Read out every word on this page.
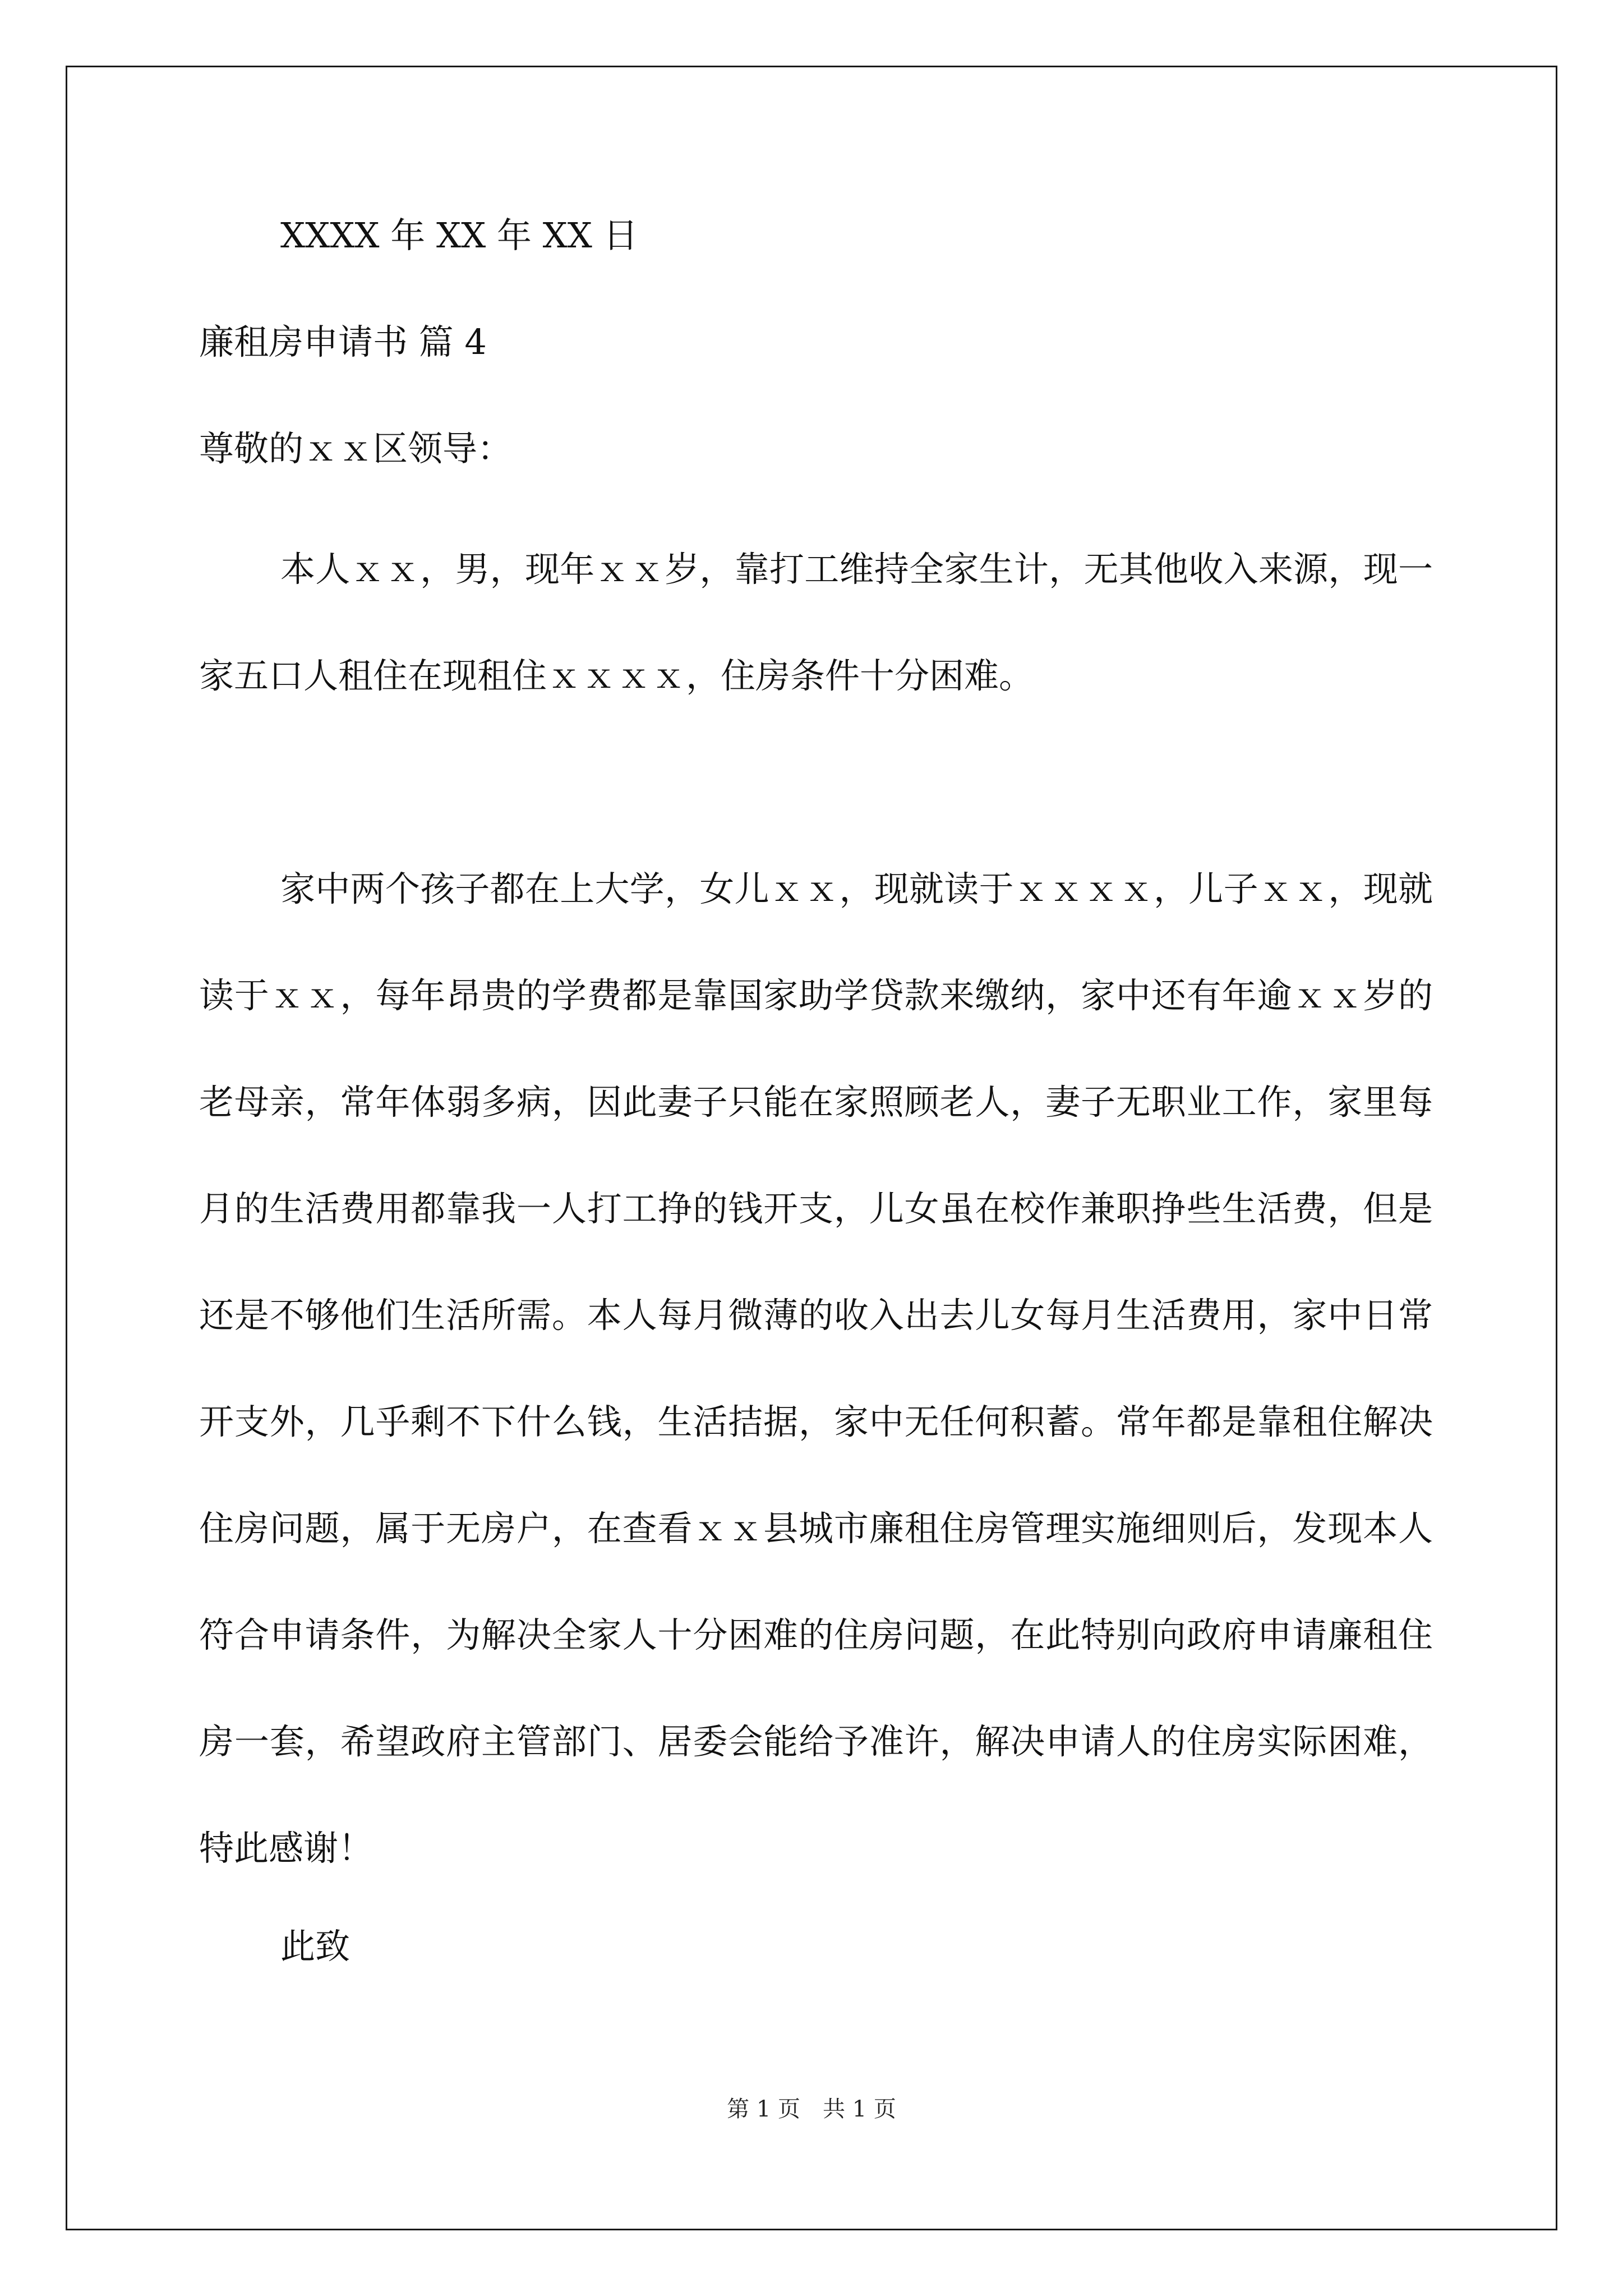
XXXX 年 XX 年 XX 日
廉租房申请书 篇 4
尊敬的ｘｘ区领导：

本人ｘｘ，男，现年ｘｘ岁，靠打工维持全家生计，无其他收入来源，现一家五口人租住在现租住ｘｘｘｘ，住房条件十分困难。

家中两个孩子都在上大学，女儿ｘｘ，现就读于ｘｘｘｘ，儿子ｘｘ，现就读于ｘｘ，每年昂贵的学费都是靠国家助学贷款来缴纳，家中还有年逾ｘｘ岁的老母亲，常年体弱多病，因此妻子只能在家照顾老人，妻子无职业工作，家里每月的生活费用都靠我一人打工挣的钱开支，儿女虽在校作兼职挣些生活费，但是还是不够他们生活所需。本人每月微薄的收入出去儿女每月生活费用，家中日常开支外，几乎剩不下什么钱，生活拮据，家中无任何积蓄。常年都是靠租住解决住房问题，属于无房户，在查看ｘｘ县城市廉租住房管理实施细则后，发现本人符合申请条件，为解决全家人十分困难的住房问题，在此特别向政府申请廉租住房一套，希望政府主管部门、居委会能给予准许，解决申请人的住房实际困难，特此感谢！

此致
第 1 页 共 1 页
